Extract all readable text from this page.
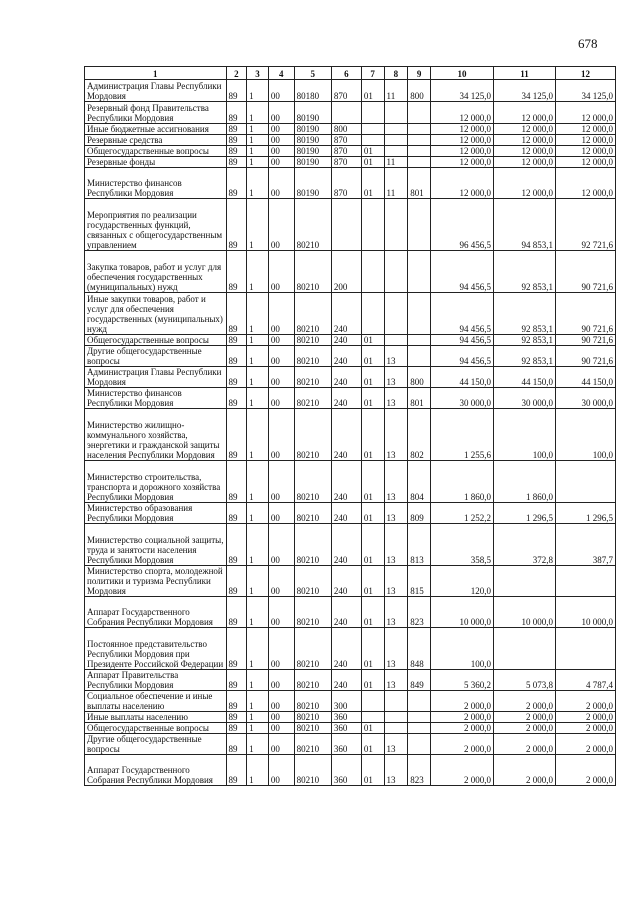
678
1	2	3	4	5	6	7	8	9	10	11	12
Администрация Главы Республики Мордовия	89	1	00	80180	870	01	11	800	34 125,0	34 125,0	34 125,0
Резервный фонд Правительства Республики Мордовия	89	1	00	80190					12 000,0	12 000,0	12 000,0
Иные бюджетные ассигнования	89	1	00	80190	800				12 000,0	12 000,0	12 000,0
Резервные средства	89	1	00	80190	870				12 000,0	12 000,0	12 000,0
Общегосударственные вопросы	89	1	00	80190	870	01			12 000,0	12 000,0	12 000,0
Резервные фонды	89	1	00	80190	870	01	11		12 000,0	12 000,0	12 000,0
Министерство финансов Республики Мордовия	89	1	00	80190	870	01	11	801	12 000,0	12 000,0	12 000,0
Мероприятия по реализации государственных функций, связанных с общегосударственным управлением	89	1	00	80210					96 456,5	94 853,1	92 721,6
Закупка товаров, работ и услуг для обеспечения государственных (муниципальных) нужд	89	1	00	80210	200				94 456,5	92 853,1	90 721,6
Иные закупки товаров, работ и услуг для обеспечения государственных (муниципальных) нужд	89	1	00	80210	240				94 456,5	92 853,1	90 721,6
Общегосударственные вопросы	89	1	00	80210	240	01			94 456,5	92 853,1	90 721,6
Другие общегосударственные вопросы	89	1	00	80210	240	01	13		94 456,5	92 853,1	90 721,6
Администрация Главы Республики Мордовия	89	1	00	80210	240	01	13	800	44 150,0	44 150,0	44 150,0
Министерство финансов Республики Мордовия	89	1	00	80210	240	01	13	801	30 000,0	30 000,0	30 000,0
Министерство жилищно-коммунального хозяйства, энергетики и гражданской защиты населения Республики Мордовия	89	1	00	80210	240	01	13	802	1 255,6	100,0	100,0
Министерство строительства, транспорта и дорожного хозяйства Республики Мордовия	89	1	00	80210	240	01	13	804	1 860,0	1 860,0	
Министерство образования Республики Мордовия	89	1	00	80210	240	01	13	809	1 252,2	1 296,5	1 296,5
Министерство социальной защиты, труда и занятости населения Республики Мордовия	89	1	00	80210	240	01	13	813	358,5	372,8	387,7
Министерство спорта, молодежной политики и туризма Республики Мордовия	89	1	00	80210	240	01	13	815	120,0		
Аппарат Государственного Собрания Республики Мордовия	89	1	00	80210	240	01	13	823	10 000,0	10 000,0	10 000,0
Постоянное представительство Республики Мордовия при Президенте Российской Федерации	89	1	00	80210	240	01	13	848	100,0		
Аппарат Правительства Республики Мордовия	89	1	00	80210	240	01	13	849	5 360,2	5 073,8	4 787,4
Социальное обеспечение и иные выплаты населению	89	1	00	80210	300				2 000,0	2 000,0	2 000,0
Иные выплаты населению	89	1	00	80210	360				2 000,0	2 000,0	2 000,0
Общегосударственные вопросы	89	1	00	80210	360	01			2 000,0	2 000,0	2 000,0
Другие общегосударственные вопросы	89	1	00	80210	360	01	13		2 000,0	2 000,0	2 000,0
Аппарат Государственного Собрания Республики Мордовия	89	1	00	80210	360	01	13	823	2 000,0	2 000,0	2 000,0
